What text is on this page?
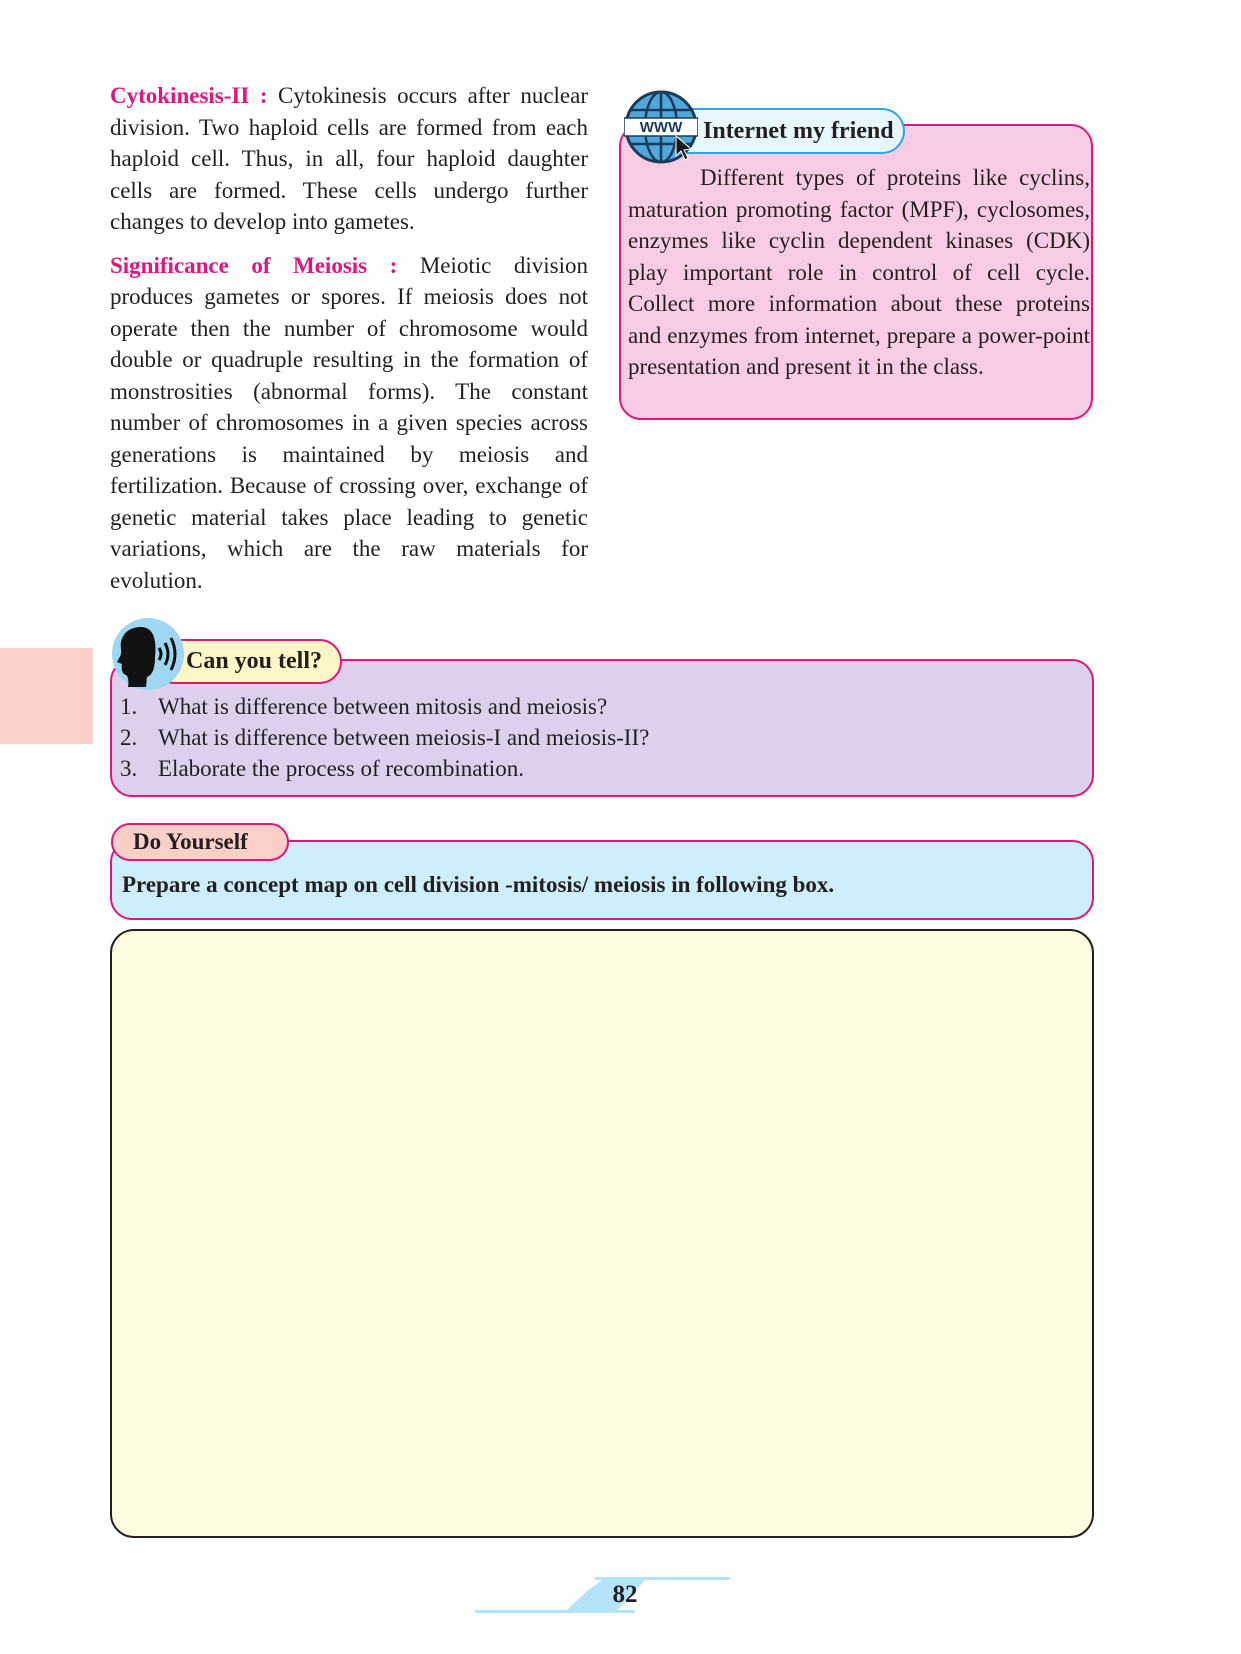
Cytokinesis-II : Cytokinesis occurs after nuclear division. Two haploid cells are formed from each haploid cell. Thus, in all, four haploid daughter cells are formed. These cells undergo further changes to develop into gametes.

Significance of Meiosis : Meiotic division produces gametes or spores. If meiosis does not operate then the number of chromosome would double or quadruple resulting in the formation of monstrosities (abnormal forms). The constant number of chromosomes in a given species across generations is maintained by meiosis and fertilization. Because of crossing over, exchange of genetic material takes place leading to genetic variations, which are the raw materials for evolution.

Different types of proteins like cyclins, maturation promoting factor (MPF), cyclosomes, enzymes like cyclin dependent kinases (CDK) play important role in control of cell cycle. Collect more information about these proteins and enzymes from internet, prepare a power-point presentation and present it in the class.

Internet my friend
WWW
1. What is difference between mitosis and meiosis?
2. What is difference between meiosis-I and meiosis-II?
3. Elaborate the process of recombination.
Can you tell?

Prepare a concept map on cell division -mitosis/ meiosis in following box.

Do Yourself
82
